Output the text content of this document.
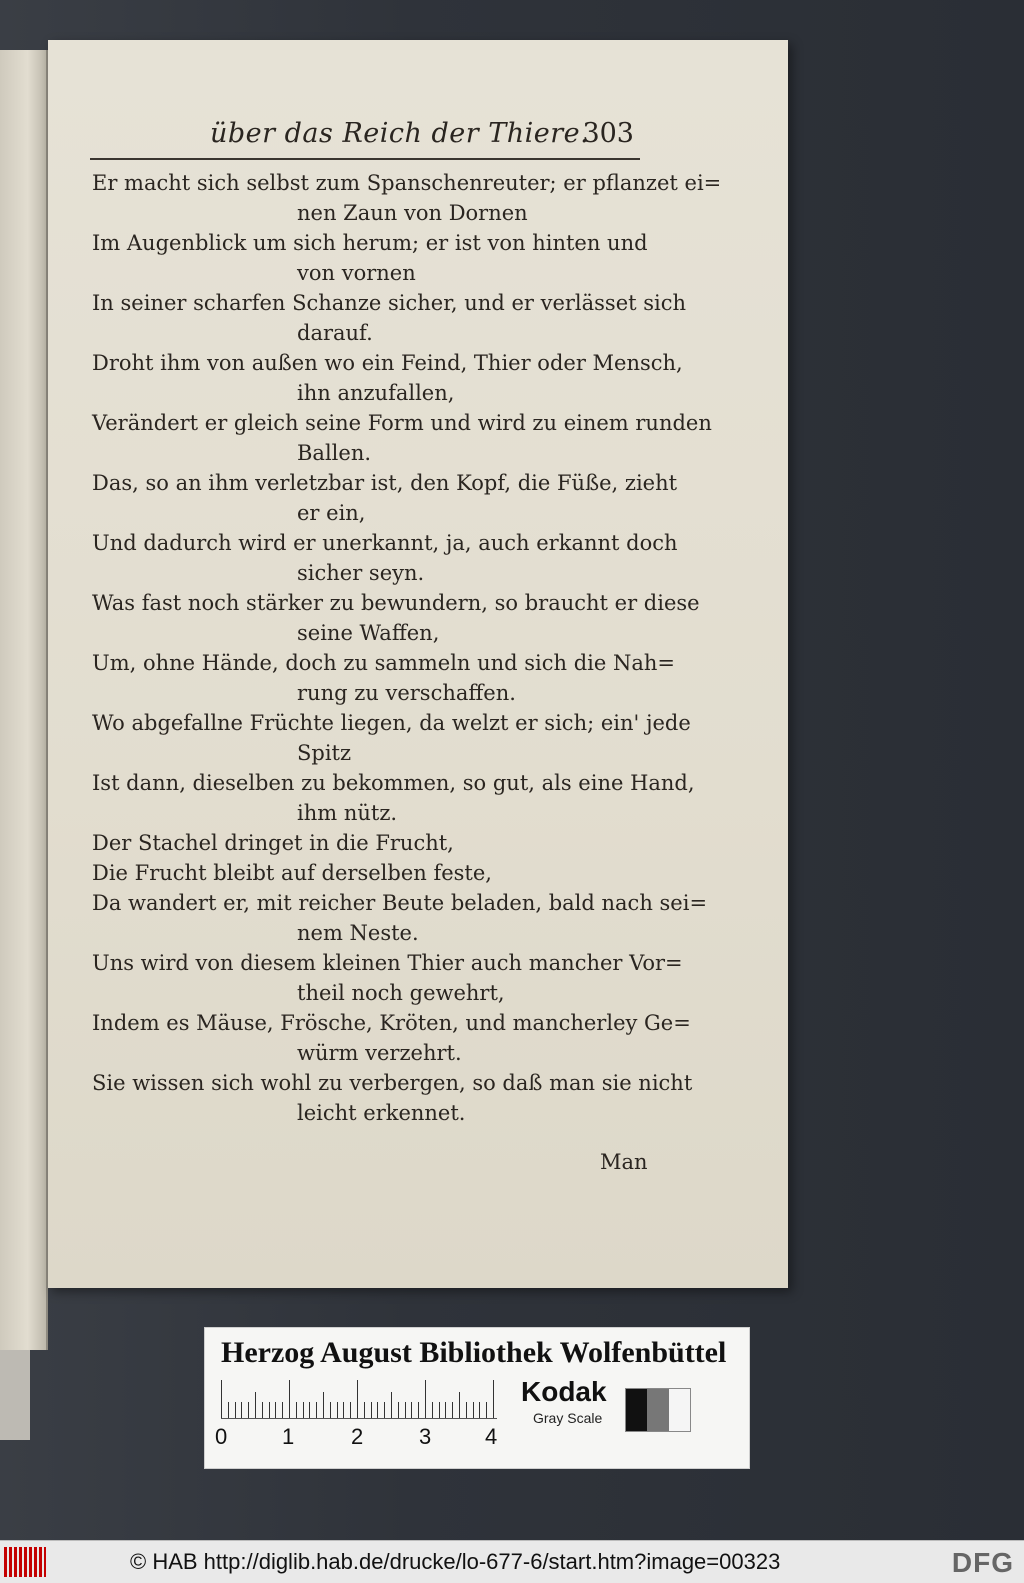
über das Reich der Thiere.
303

Er macht sich selbst zum Spanschenreuter; er pflanzet ei=
nen Zaun von Dornen

Im Augenblick um sich herum; er ist von hinten und
von vornen

In seiner scharfen Schanze sicher, und er verlässet sich
darauf.

Droht ihm von außen wo ein Feind, Thier oder Mensch,
ihn anzufallen,

Verändert er gleich seine Form und wird zu einem runden
Ballen.

Das, so an ihm verletzbar ist, den Kopf, die Füße, zieht
er ein,

Und dadurch wird er unerkannt, ja, auch erkannt doch
sicher seyn.

Was fast noch stärker zu bewundern, so braucht er diese
seine Waffen,

Um, ohne Hände, doch zu sammeln und sich die Nah=
rung zu verschaffen.

Wo abgefallne Früchte liegen, da welzt er sich; ein' jede
Spitz

Ist dann, dieselben zu bekommen, so gut, als eine Hand,
ihm nütz.

Der Stachel dringet in die Frucht,

Die Frucht bleibt auf derselben feste,

Da wandert er, mit reicher Beute beladen, bald nach sei=
nem Neste.

Uns wird von diesem kleinen Thier auch mancher Vor=
theil noch gewehrt,

Indem es Mäuse, Frösche, Kröten, und mancherley Ge=
würm verzehrt.

Sie wissen sich wohl zu verbergen, so daß man sie nicht
leicht erkennet.

Man
Herzog August Bibliothek Wolfenbüttel
0 1	2	3 4
Kodak
Gray Scale
© HAB http://diglib.hab.de/drucke/lo-677-6/start.htm?image=00323	DFG
